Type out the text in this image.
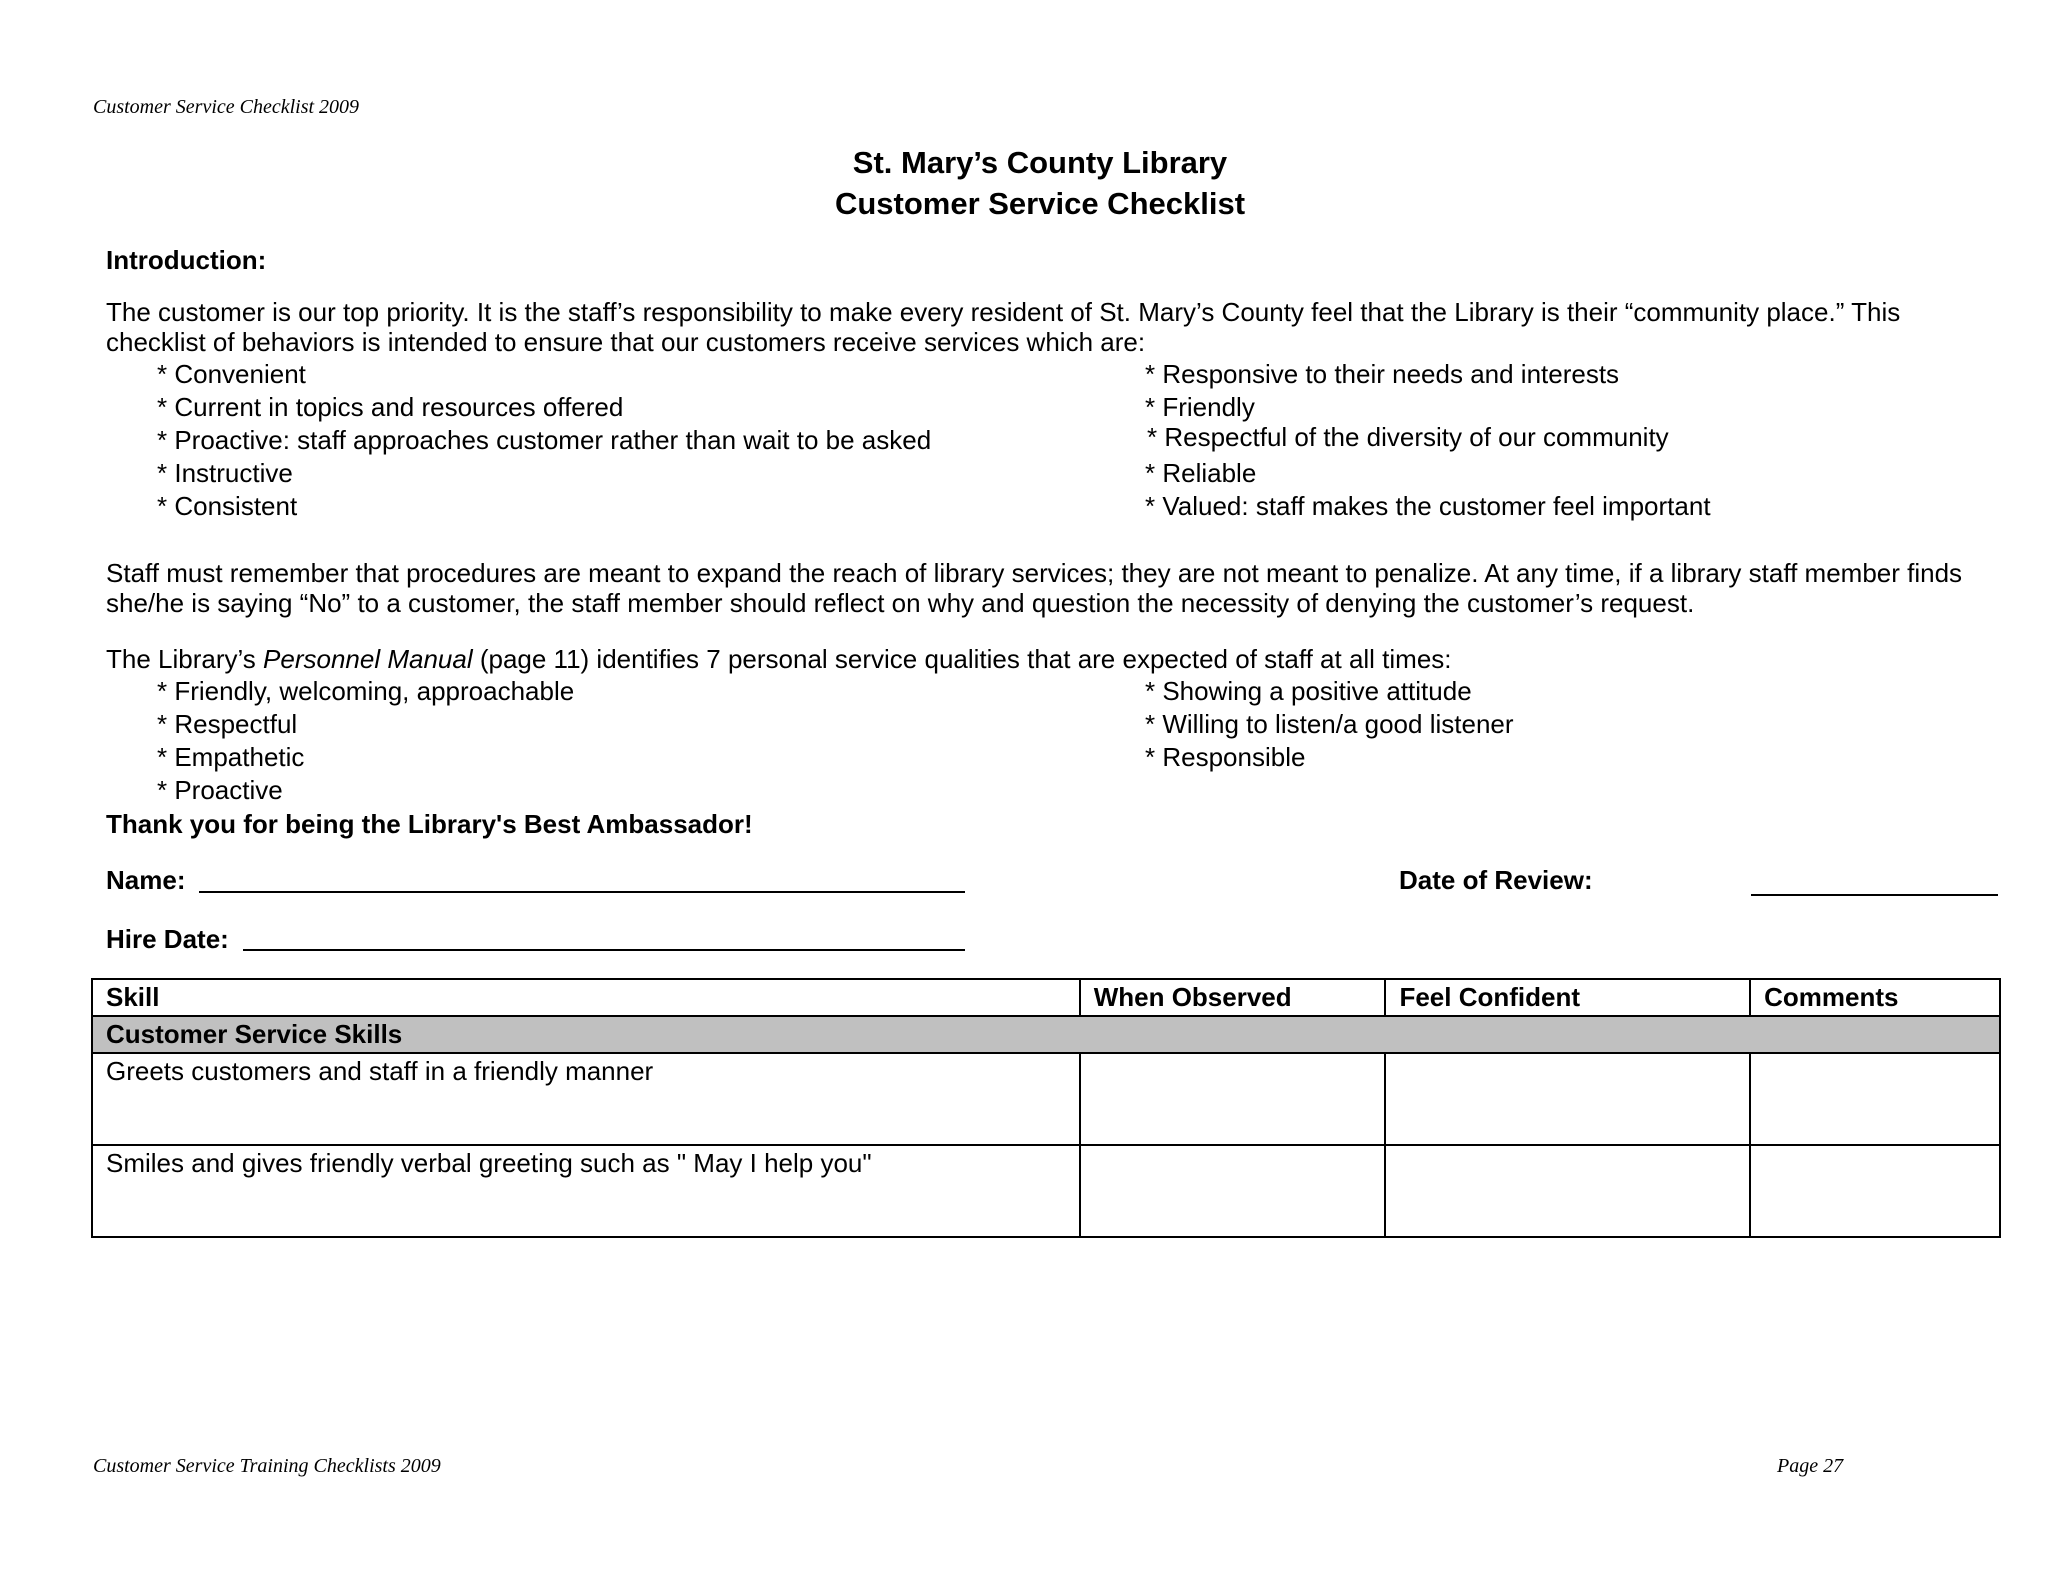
Customer Service Checklist 2009
St. Mary’s County Library
Customer Service Checklist
Introduction:
The customer is our top priority. It is the staff’s responsibility to make every resident of St. Mary’s County feel that the Library is their “community place.” This checklist of behaviors is intended to ensure that our customers receive services which are:
* Convenient
* Current in topics and resources offered
* Proactive: staff approaches customer rather than wait to be asked
* Instructive
* Consistent
* Responsive to their needs and interests
* Friendly
* Respectful of the diversity of our community
* Reliable
* Valued: staff makes the customer feel important
Staff must remember that procedures are meant to expand the reach of library services; they are not meant to penalize. At any time, if a library staff member finds she/he is saying “No” to a customer, the staff member should reflect on why and question the necessity of denying the customer’s request.
The Library’s Personnel Manual (page 11) identifies 7 personal service qualities that are expected of staff at all times:
* Friendly, welcoming, approachable
* Respectful
* Empathetic
* Proactive
* Showing a positive attitude
* Willing to listen/a good listener
* Responsible
Thank you for being the Library's Best Ambassador!
Name:	Date of Review:
Hire Date:
Skill	When Observed	Feel Confident	Comments
Customer Service Skills			
Greets customers and staff in a friendly manner			
Smiles and gives friendly verbal greeting such as " May I help you"			
Customer Service Training Checklists 2009	Page 27
